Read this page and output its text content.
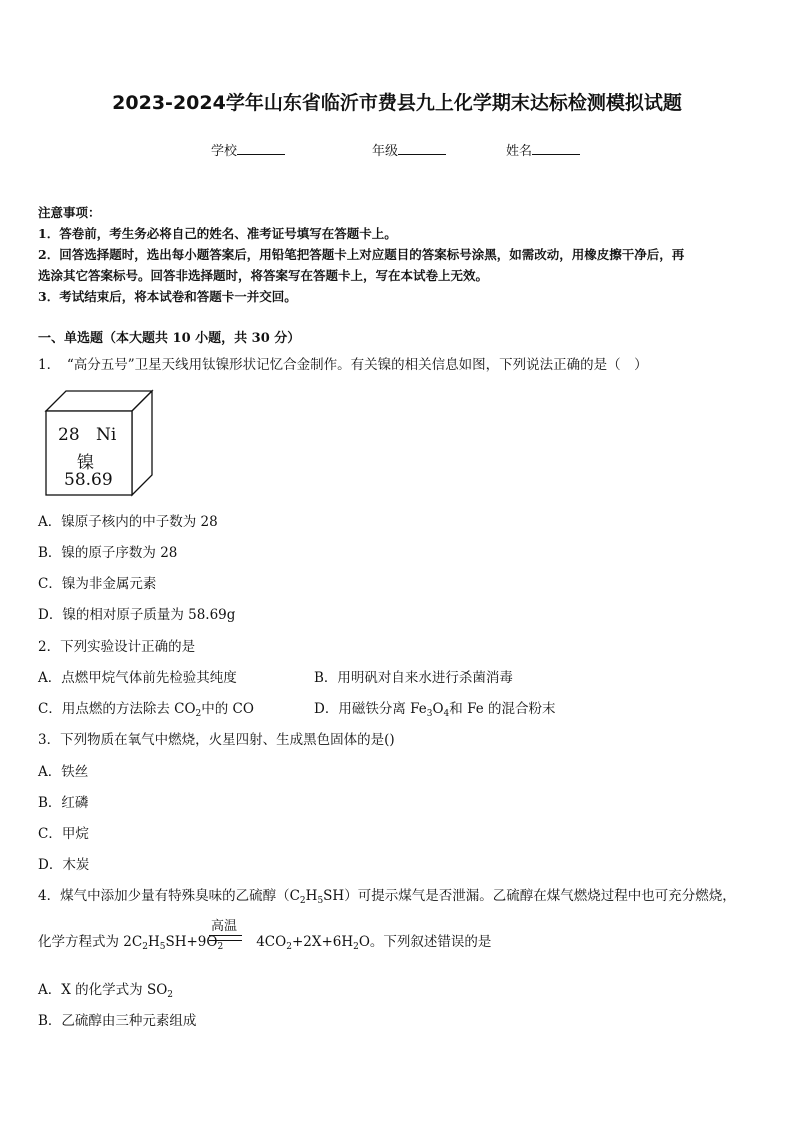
2023-2024学年山东省临沂市费县九上化学期末达标检测模拟试题
学校	年级	姓名
注意事项：
1．答卷前，考生务必将自己的姓名、准考证号填写在答题卡上。
2．回答选择题时，选出每小题答案后，用铅笔把答题卡上对应题目的答案标号涂黑，如需改动，用橡皮擦干净后，再
选涂其它答案标号。回答非选择题时，将答案写在答题卡上，写在本试卷上无效。
3．考试结束后，将本试卷和答题卡一并交回。
一、单选题（本大题共 10 小题，共 30 分）
1．　“高分五号”卫星天线用钛镍形状记忆合金制作。有关镍的相关信息如图，下列说法正确的是（　）
28 Ni
镍
58.69
A．镍原子核内的中子数为 28
B．镍的原子序数为 28
C．镍为非金属元素
D．镍的相对原子质量为 58.69g
2．下列实验设计正确的是
A．点燃甲烷气体前先检验其纯度	B．用明矾对自来水进行杀菌消毒
C．用点燃的方法除去 $CO_2$中的 CO	D．用磁铁分离 $Fe_3O_4$和 Fe 的混合粉末
3．下列物质在氧气中燃烧，火星四射、生成黑色固体的是()
A．铁丝
B．红磷
C．甲烷
D．木炭
4．煤气中添加少量有特殊臭味的乙硫醇$(C_2H_5SH)$可提示煤气是否泄漏。乙硫醇在煤气燃烧过程中也可充分燃烧，
高温
化学方程式为 $2C_2H_5SH+9O_2$ $4CO_2+2X+6H_2O$。下列叙述错误的是
A．X 的化学式为 $SO_2$
B．乙硫醇由三种元素组成
